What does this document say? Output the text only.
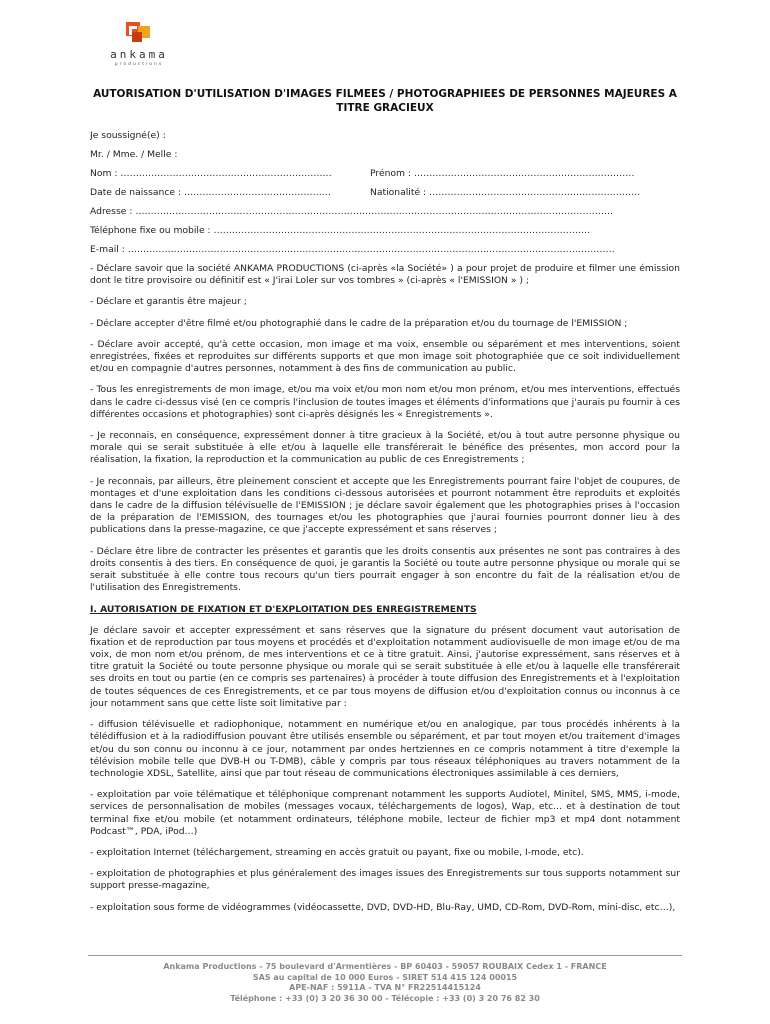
ankama
productions
AUTORISATION D'UTILISATION D'IMAGES FILMEES / PHOTOGRAPHIEES DE PERSONNES MAJEURES A TITRE GRACIEUX
Je soussigné(e) :
Mr. / Mme. / Melle :
Nom : ……………………………………………………………	Prénom : ………………………………………………………………
Date de naissance : …………………………………………	Nationalité : ……………………………………………………………
Adresse : …………………………………………………………………………………………………………………………………………
Téléphone fixe ou mobile : ……………………………………………………………………………………………………………
E-mail : ……………………………………………………………………………………………………………………………………………

- Déclare savoir que la société ANKAMA PRODUCTIONS (ci-après «la Société» ) a pour projet de produire et filmer une émission dont le titre provisoire ou définitif est « J'irai Loler sur vos tombres » (ci-après « l'EMISSION » ) ;

- Déclare et garantis être majeur ;

- Déclare accepter d'être filmé et/ou photographié dans le cadre de la préparation et/ou du tournage de l'EMISSION ;

- Déclare avoir accepté, qu'à cette occasion, mon image et ma voix, ensemble ou séparément et mes interventions, soient enregistrées, fixées et reproduites sur différents supports et que mon image soit photographiée que ce soit individuellement et/ou en compagnie d'autres personnes, notamment à des fins de communication au public.

- Tous les enregistrements de mon image, et/ou ma voix et/ou mon nom et/ou mon prénom, et/ou mes interventions, effectués dans le cadre ci-dessus visé (en ce compris l'inclusion de toutes images et éléments d'informations que j'aurais pu fournir à ces différentes occasions et photographies) sont ci-après désignés les « Enregistrements ».

- Je reconnais, en conséquence, expressément donner à titre gracieux à la Société, et/ou à tout autre personne physique ou morale qui se serait substituée à elle et/ou à laquelle elle transférerait le bénéfice des présentes, mon accord pour la réalisation, la fixation, la reproduction et la communication au public de ces Enregistrements ;

- Je reconnais, par ailleurs, être pleinement conscient et accepte que les Enregistrements pourrant faire l'objet de coupures, de montages et d'une exploitation dans les conditions ci-dessous autorisées et pourront notamment être reproduits et exploités dans le cadre de la diffusion télévisuelle de l'EMISSION ; je déclare savoir également que les photographies prises à l'occasion de la préparation de l'EMISSION, des tournages et/ou les photographies que j'aurai fournies pourront donner lieu à des publications dans la presse-magazine, ce que j'accepte expressément et sans réserves ;

- Déclare être libre de contracter les présentes et garantis que les droits consentis aux présentes ne sont pas contraires à des droits consentis à des tiers. En conséquence de quoi, je garantis la Société ou toute autre personne physique ou morale qui se serait substituée à elle contre tous recours qu'un tiers pourrait engager à son encontre du fait de la réalisation et/ou de l'utilisation des Enregistrements.

I. AUTORISATION DE FIXATION ET D'EXPLOITATION DES ENREGISTREMENTS

Je déclare savoir et accepter expressément et sans réserves que la signature du présent document vaut autorisation de fixation et de reproduction par tous moyens et procédés et d'exploitation notamment audiovisuelle de mon image et/ou de ma voix, de mon nom et/ou prénom, de mes interventions et ce à titre gratuit. Ainsi, j'autorise expressément, sans réserves et à titre gratuit la Société ou toute personne physique ou morale qui se serait substituée à elle et/ou à laquelle elle transférerait ses droits en tout ou partie (en ce compris ses partenaires) à procéder à toute diffusion des Enregistrements et à l'exploitation de toutes séquences de ces Enregistrements, et ce par tous moyens de diffusion et/ou d'exploitation connus ou inconnus à ce jour notamment sans que cette liste soit limitative par :

- diffusion télévisuelle et radiophonique, notamment en numérique et/ou en analogique, par tous procédés inhérents à la télédiffusion et à la radiodiffusion pouvant être utilisés ensemble ou séparément, et par tout moyen et/ou traitement d'images et/ou du son connu ou inconnu à ce jour, notamment par ondes hertziennes en ce compris notamment à titre d'exemple la télévision mobile telle que DVB-H ou T-DMB), câble y compris par tous réseaux téléphoniques au travers notamment de la technologie XDSL, Satellite, ainsi que par tout réseau de communications électroniques assimilable à ces derniers,

- exploitation par voie télématique et téléphonique comprenant notamment les supports Audiotel, Minitel, SMS, MMS, i-mode, services de personnalisation de mobiles (messages vocaux, téléchargements de logos), Wap, etc... et à destination de tout terminal fixe et/ou mobile (et notamment ordinateurs, téléphone mobile, lecteur de fichier mp3 et mp4 dont notamment Podcast™, PDA, iPod…)

- exploitation Internet (téléchargement, streaming en accès gratuit ou payant, fixe ou mobile, I-mode, etc).

- exploitation de photographies et plus généralement des images issues des Enregistrements sur tous supports notamment sur support presse-magazine,

- exploitation sous forme de vidéogrammes (vidéocassette, DVD, DVD-HD, Blu-Ray, UMD, CD-Rom, DVD-Rom, mini-disc, etc…),

Ankama Productions - 75 boulevard d'Armentières - BP 60403 - 59057 ROUBAIX Cedex 1 - FRANCE
SAS au capital de 10 000 Euros - SIRET 514 415 124 00015
APE-NAF : 5911A - TVA N° FR22514415124
Téléphone : +33 (0) 3 20 36 30 00 - Télécopie : +33 (0) 3 20 76 82 30
